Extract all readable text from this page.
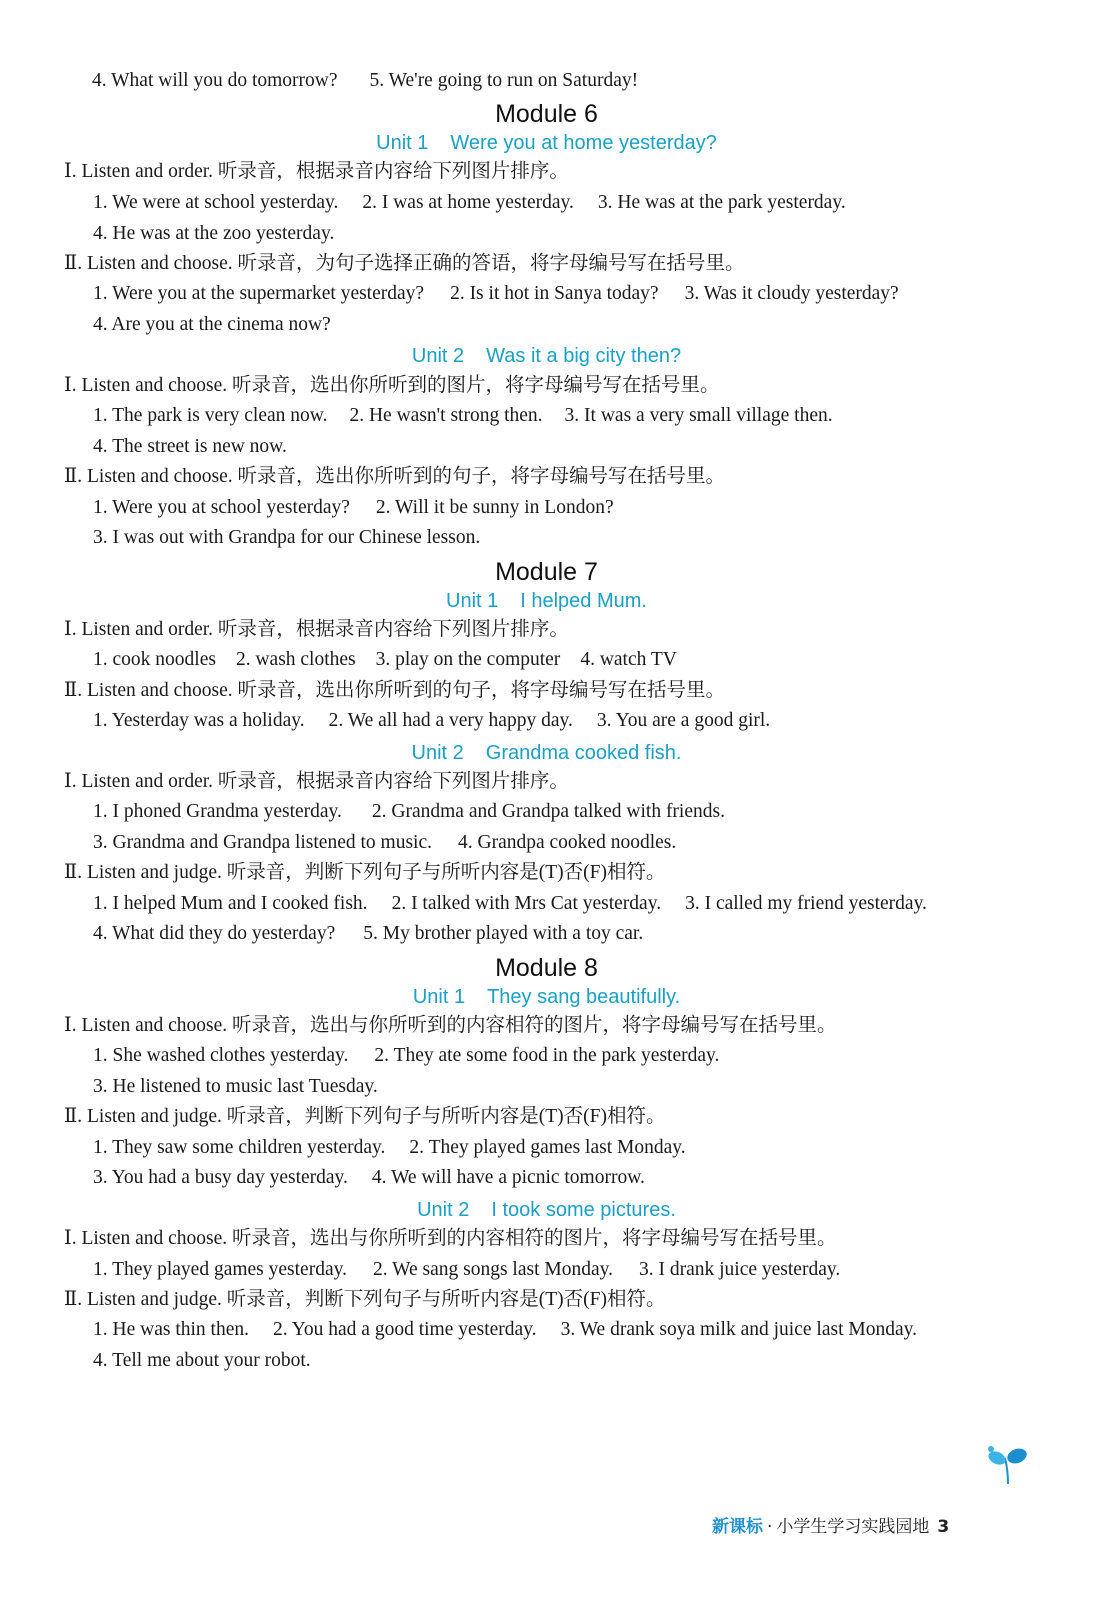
4. What will you do tomorrow? 5. We're going to run on Saturday!
Module 6
Unit 1 Were you at home yesterday?
Ⅰ. Listen and order. 听录音，根据录音内容给下列图片排序。
1. We were at school yesterday. 2. I was at home yesterday. 3. He was at the park yesterday.
4. He was at the zoo yesterday.
Ⅱ. Listen and choose. 听录音，为句子选择正确的答语，将字母编号写在括号里。
1. Were you at the supermarket yesterday? 2. Is it hot in Sanya today? 3. Was it cloudy yesterday?
4. Are you at the cinema now?
Unit 2 Was it a big city then?
Ⅰ. Listen and choose. 听录音，选出你所听到的图片，将字母编号写在括号里。
1. The park is very clean now. 2. He wasn't strong then. 3. It was a very small village then.
4. The street is new now.
Ⅱ. Listen and choose. 听录音，选出你所听到的句子，将字母编号写在括号里。
1. Were you at school yesterday? 2. Will it be sunny in London?
3. I was out with Grandpa for our Chinese lesson.
Module 7
Unit 1 I helped Mum.
Ⅰ. Listen and order. 听录音，根据录音内容给下列图片排序。
1. cook noodles 2. wash clothes 3. play on the computer 4. watch TV
Ⅱ. Listen and choose. 听录音，选出你所听到的句子，将字母编号写在括号里。
1. Yesterday was a holiday. 2. We all had a very happy day. 3. You are a good girl.
Unit 2 Grandma cooked fish.
Ⅰ. Listen and order. 听录音，根据录音内容给下列图片排序。
1. I phoned Grandma yesterday. 2. Grandma and Grandpa talked with friends.
3. Grandma and Grandpa listened to music. 4. Grandpa cooked noodles.
Ⅱ. Listen and judge. 听录音，判断下列句子与所听内容是(T)否(F)相符。
1. I helped Mum and I cooked fish. 2. I talked with Mrs Cat yesterday. 3. I called my friend yesterday.
4. What did they do yesterday? 5. My brother played with a toy car.
Module 8
Unit 1 They sang beautifully.
Ⅰ. Listen and choose. 听录音，选出与你所听到的内容相符的图片，将字母编号写在括号里。
1. She washed clothes yesterday. 2. They ate some food in the park yesterday.
3. He listened to music last Tuesday.
Ⅱ. Listen and judge. 听录音，判断下列句子与所听内容是(T)否(F)相符。
1. They saw some children yesterday. 2. They played games last Monday.
3. You had a busy day yesterday. 4. We will have a picnic tomorrow.
Unit 2 I took some pictures.
Ⅰ. Listen and choose. 听录音，选出与你所听到的内容相符的图片，将字母编号写在括号里。
1. They played games yesterday. 2. We sang songs last Monday. 3. I drank juice yesterday.
Ⅱ. Listen and judge. 听录音，判断下列句子与所听内容是(T)否(F)相符。
1. He was thin then. 2. You had a good time yesterday. 3. We drank soya milk and juice last Monday.
4. Tell me about your robot.
新课标 · 小学生学习实践园地 3
